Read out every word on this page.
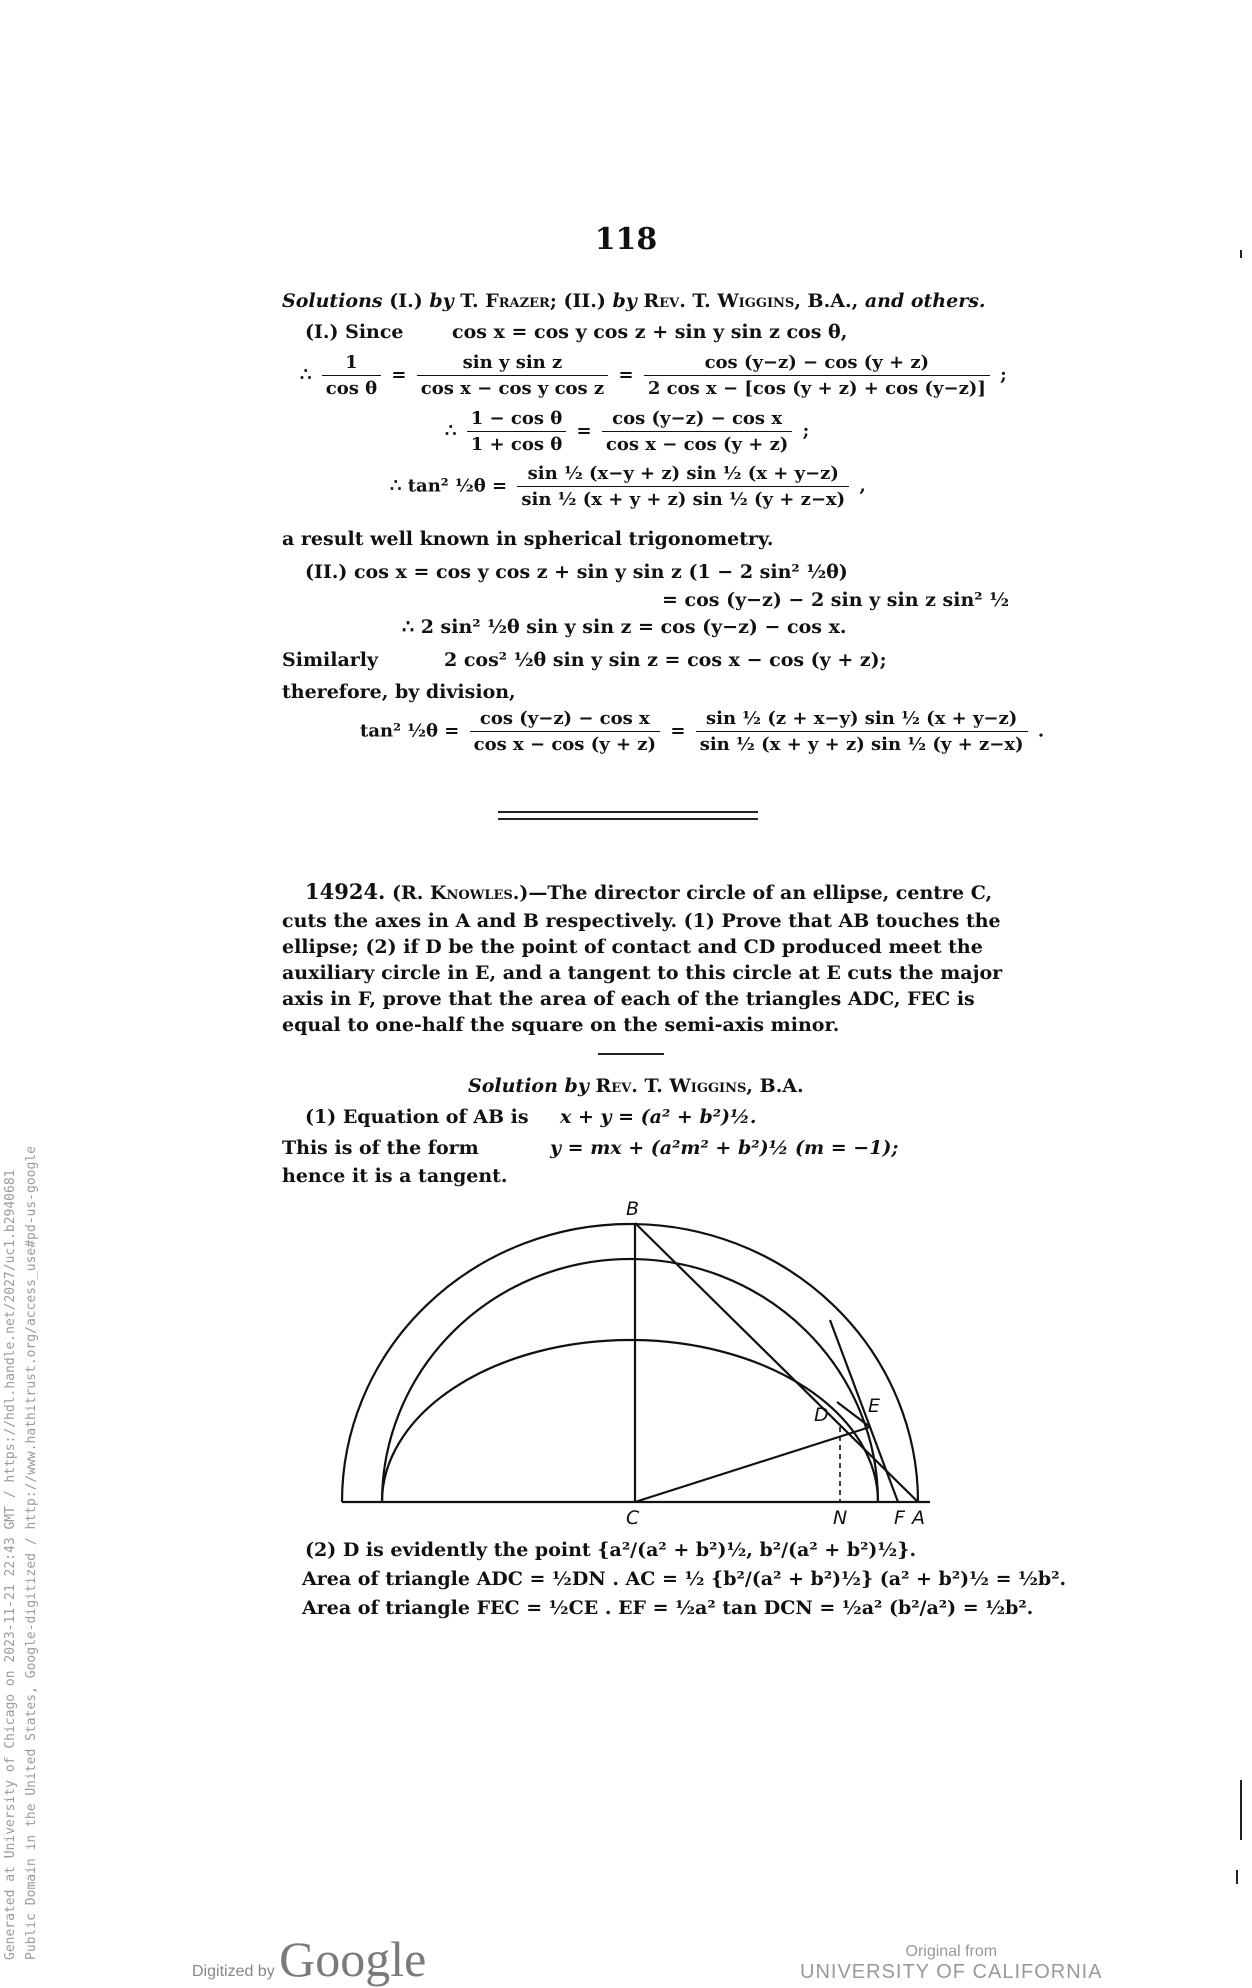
118
Solutions (I.) by T. Frazer; (II.) by Rev. T. Wiggins, B.A., and others.
(I.) Since	cos x = cos y cos z + sin y sin z cos θ,
∴ $\frac{1}{\text{cos θ}} = \frac{\text{sin y sin z}}{\text{cos x − cos y cos z}} = \frac{\cos (y-z) - \cos (y + z)}{\text{2 cos x − [cos (y + z) + cos (y−z)]}}$ ;
∴ $\frac{\text{1 − cos θ}}{\text{1 + cos θ}} = \frac{\text{cos (y−z) − cos x}}{\text{cos x − cos (y + z)}}$ ;
∴ tan² ½θ = $\frac{\text{sin ½ (x−y + z) sin ½ (x + y−z)}}{\text{sin ½ (x + y + z) sin ½ (y + z−x)}}$ ,
a result well known in spherical trigonometry.
(II.) cos x = cos y cos z + sin y sin z (1 − 2 sin² ½θ)
= cos (y−z) − 2 sin y sin z sin² ½
∴ 2 sin² ½θ sin y sin z = cos (y−z) − cos x.
Similarly	2 cos² ½θ sin y sin z = cos x − cos (y + z);
therefore, by division,
tan² ½θ = $\frac{\text{cos (y−z) − cos x}}{\text{cos x − cos (y + z)}} = \frac{\text{sin ½ (z + x−y) sin ½ (x + y−z)}}{\text{sin ½ (x + y + z) sin ½ (y + z−x)}}$ .
14924. (R. Knowles.)—The director circle of an ellipse, centre C,
cuts the axes in A and B respectively. (1) Prove that AB touches the
ellipse; (2) if D be the point of contact and CD produced meet the
auxiliary circle in E, and a tangent to this circle at E cuts the major
axis in F, prove that the area of each of the triangles ADC, FEC is
equal to one-half the square on the semi-axis minor.
Solution by Rev. T. Wiggins, B.A.
(1) Equation of AB is x + y = (a² + b²)½.
This is of the form	y = mx + (a²m² + b²)½ (m = −1);
hence it is a tangent.
B
C
D E
N F A
(2) D is evidently the point {a²/(a² + b²)½, b²/(a² + b²)½}.
Area of triangle ADC = ½DN . AC = ½ {b²/(a² + b²)½} (a² + b²)½ = ½b².
Area of triangle FEC = ½CE . EF = ½a² tan DCN = ½a² (b²/a²) = ½b².
Generated at University of Chicago on 2023-11-21 22:43 GMT / https://hdl.handle.net/2027/uc1.b2940681 Public Domain in the United States, Google-digitized / http://www.hathitrust.org/access_use#pd-us-google
Digitized by Google	Original from
UNIVERSITY OF CALIFORNIA
